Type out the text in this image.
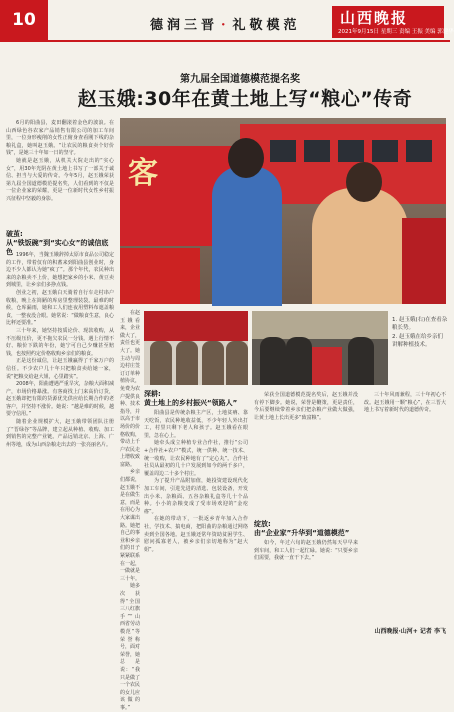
10	德润三晋 · 礼敬模范	山西晚报
2021年9月15日 星期三 责编 王振 美编 郭建华
第九届全国道德模范提名奖
赵玉娥:30年在黄土地上写“粮心”传奇

6月的阳曲县，麦田翻滚着金色的波浪。在山西绿色谷农家产品销售有限公司的加工车间里，一位身形瘦削的女性正俯身查看刚下线的杂粮礼盒，她叫赵玉娥。“让农民的粮食卖个好价钱”，是她三十年如一日的坚守。

她就是赵玉娥，从机关大院走出的“实心女”，用30年光阴在黄土地上书写了一部关于诚信、担当与大爱的传奇。今年5月，赵玉娥荣获第九届全国道德模范提名奖，人们看到的不仅是一位企业家的荣耀，更是一位新时代女性乡村振兴征程中坚毅的身影。

客
破茧:
从“铁饭碗”到“实心女”的诚信底色 1996年，当魏玉娥辞掉太原市食品公司稳定的工作，带着仅有的积蓄来到阳曲县创业时，身边不少人都认为她“疯了”。那个年代，农民种出来的杂粮卖不上价，她想把家乡的小米、黄豆卖到城里，让乡亲们多挣点钱。

创业之初，赵玉娥白天骑着自行车走村串户收粮，晚上在简陋的库房里整理装袋。最难的时候，仓库漏雨，她和工人们连夜用塑料布遮盖粮食，一整夜没合眼。她常说：“做粮食生意，良心比秤还要准。”

三十年来，她坚持按质论价、现款收购，从不压级压价，更不拖欠农民一分钱。遇上行情不好、粮价下跌的年份，她宁可自己少赚甚至赔钱，也按照约定价格收购乡亲们的粮食。

正是这份诚信，让赵玉娥赢得了千家万户的信任。不少农户几十年只把粮食卖给她一家，说“把粮交给赵大姐，心里踏实”。

2008年，阳曲遭遇严重旱灾，杂粮大面积减产，市场价格暴涨。有客商找上门来高价订货，赵玉娥却把有限的货源优先供应给长期合作的老客户，并坚持不涨价。她说：“越是难的时候，越要守信用。”

随着企业规模扩大，赵玉娥带领团队注册了“晋绿谷”等品牌，建立起从种植、收购、加工到销售的完整产业链。产品远销北京、上海、广州等地，成为山西杂粮走出去的一张亮丽名片。

深耕:
黄土地上的乡村振兴“领路人”

阳曲县是传统杂粮主产区，土地贫瘠、靠天吃饭，农民种地收益低，不少年轻人外出打工，村里只剩下老人和孩子。赵玉娥看在眼里，急在心上。

她牵头成立种植专业合作社，推行“公司+合作社+农户”模式，统一供种、统一技术、统一收购，让农民种地有了“定心丸”。合作社社员从最初的几十户发展到如今的两千多户，覆盖周边二十多个村庄。

为了提升产品附加值，她投资建设现代化加工车间，引进先进的清选、包装设备，开发出小米、杂粮面、五谷杂粮礼盒等几十个品种。小小的杂粮变成了受市场欢迎的“金疙瘩”。

在她的带动下，一批返乡青年加入合作社，学技术、搞电商，把阳曲的杂粮通过网络卖到全国各地。赵玉娥还常年资助贫困学生、慰问孤寡老人，被乡亲们亲切地称为“赵大姐”。

在赵玉娥看来，企业做大了，责任也更大了。她主动与周边村庄签订订单种植协议，免费为农户提供良种、技术指导，并以高于市场价的价格收购，带动上千户农民走上增收致富路。

乡亲们都说，赵玉娥不是在做生意，而是在用心为大家谋出路。她把自己的事业和乡亲们的日子紧紧联系在一起，一做就是三十年。

她多次获得“全国三八红旗手”“山西省劳动模范”等荣誉称号，面对荣誉，她总是说：“我只是做了一个农民的女儿应该做的事。”

1. 赵玉娥(右)在查看杂粮长势。

2. 赵玉娥在给乡亲们讲解种植技术。

绽放:
由“企业家”升华到“道德模范”

荣获全国道德模范提名奖后，赵玉娥并没有停下脚步。她说，荣誉是鞭策，更是责任，今后要继续带着乡亲们把杂粮产业做大做强，让黄土地上长出更多“致富粮”。

如今，年过六旬的赵玉娥仍然每天早早来到车间，和工人们一起忙碌。她说：“只要乡亲们需要，我就一直干下去。”

三十年风雨兼程，三十年初心不改。赵玉娥用一颗“粮心”，在三晋大地上书写着新时代的道德传奇。

山西晚报·山河+ 记者 李飞
